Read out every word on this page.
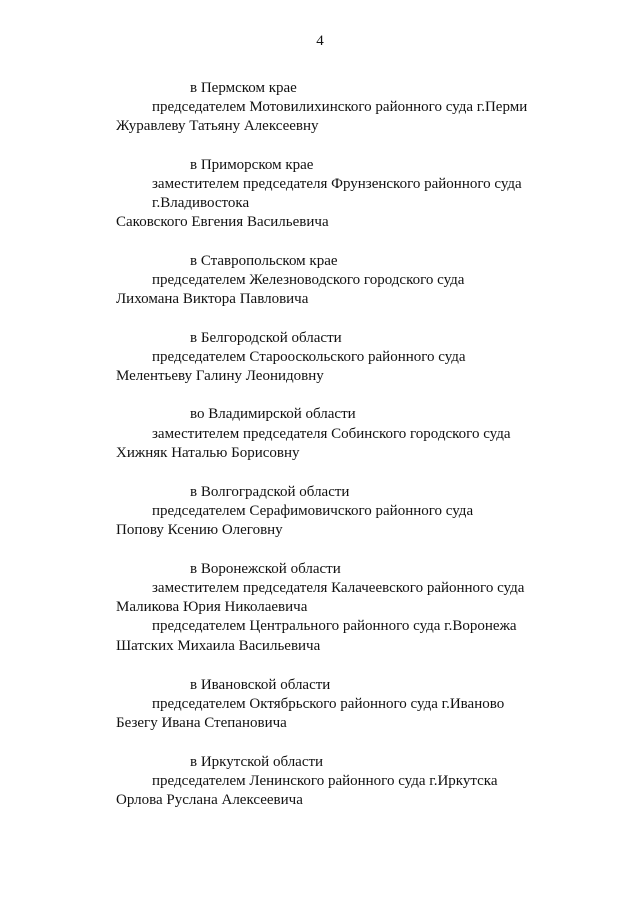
4
в Пермском крае
председателем Мотовилихинского районного суда г.Перми
Журавлеву Татьяну Алексеевну
в Приморском крае
заместителем председателя Фрунзенского районного суда
г.Владивостока
Саковского Евгения Васильевича
в Ставропольском крае
председателем Железноводского городского суда
Лихомана Виктора Павловича
в Белгородской области
председателем Старооскольского районного суда
Мелентьеву Галину Леонидовну
во Владимирской области
заместителем председателя Собинского городского суда
Хижняк Наталью Борисовну
в Волгоградской области
председателем Серафимовичского районного суда
Попову Ксению Олеговну
в Воронежской области
заместителем председателя Калачеевского районного суда
Маликова Юрия Николаевича
председателем Центрального районного суда г.Воронежа
Шатских Михаила Васильевича
в Ивановской области
председателем Октябрьского районного суда г.Иваново
Безегу Ивана Степановича
в Иркутской области
председателем Ленинского районного суда г.Иркутска
Орлова Руслана Алексеевича
